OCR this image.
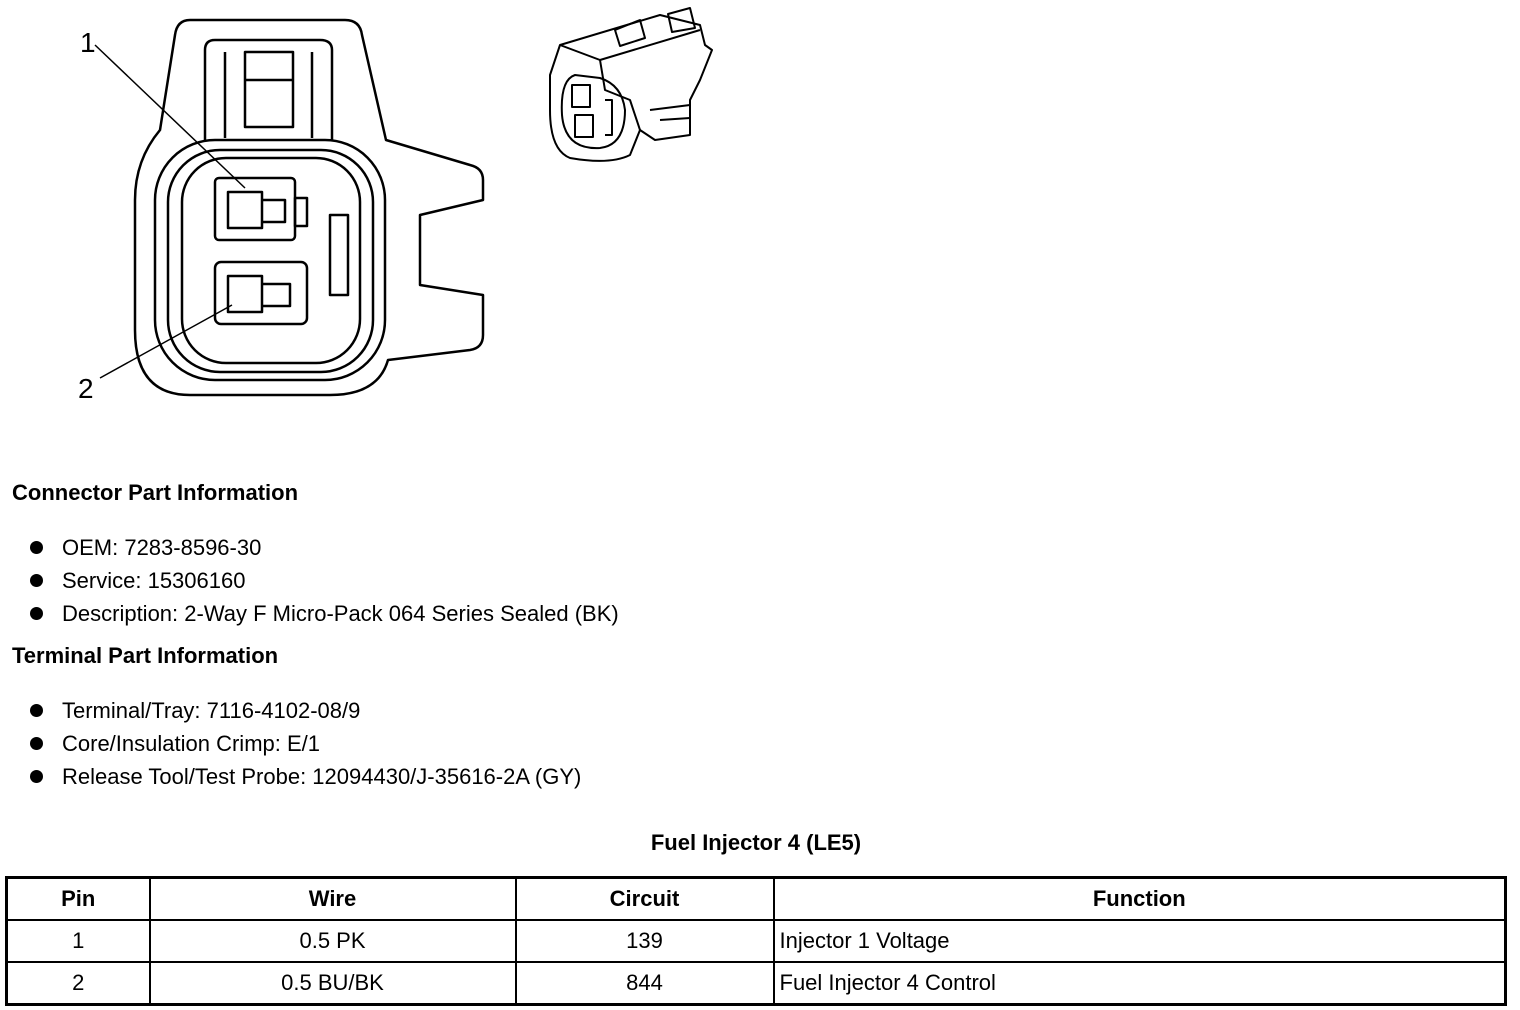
1
2
Connector Part Information
OEM: 7283-8596-30
Service: 15306160
Description: 2-Way F Micro-Pack 064 Series Sealed (BK)
Terminal Part Information
Terminal/Tray: 7116-4102-08/9
Core/Insulation Crimp: E/1
Release Tool/Test Probe: 12094430/J-35616-2A (GY)
Fuel Injector 4 (LE5)
Pin	Wire	Circuit	Function
1	0.5 PK	139	Injector 1 Voltage
2	0.5 BU/BK	844	Fuel Injector 4 Control
